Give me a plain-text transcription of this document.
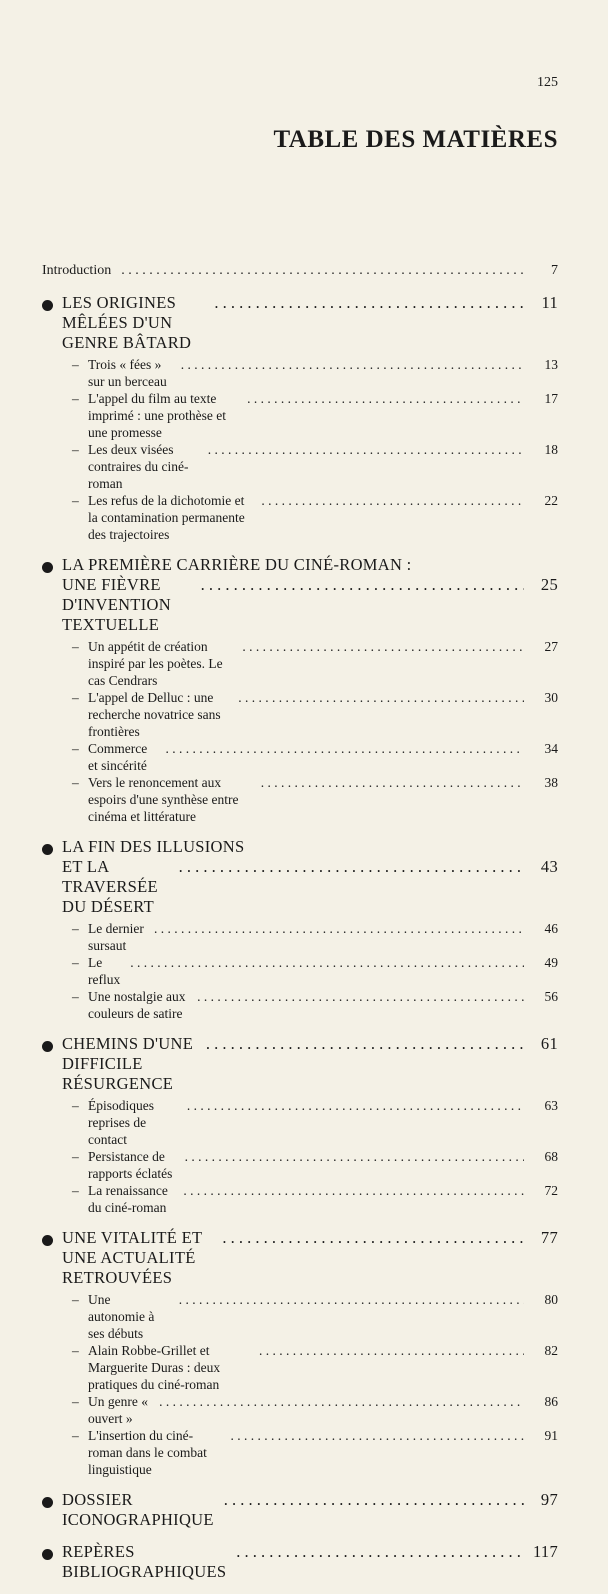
125
TABLE DES MATIÈRES
Introduction
. . .	7
LES ORIGINES MÊLÉES D'UN GENRE BÂTARD
. . .
11
– Trois « fées » sur un berceau
. . .
13
– L'appel du film au texte imprimé : une prothèse et une promesse
. . .
17
– Les deux visées contraires du ciné-roman
. . .
18
– Les refus de la dichotomie et la contamination permanente des trajectoires
. . .
22
LA PREMIÈRE CARRIÈRE DU CINÉ-ROMAN :
UNE FIÈVRE D'INVENTION TEXTUELLE
. . .
25
– Un appétit de création inspiré par les poètes. Le cas Cendrars
. . .
27
– L'appel de Delluc : une recherche novatrice sans frontières
. . .
30
– Commerce et sincérité
. . .
34
– Vers le renoncement aux espoirs d'une synthèse entre cinéma et littérature
. . .
38
LA FIN DES ILLUSIONS
ET LA TRAVERSÉE DU DÉSERT
. . .
43
– Le dernier sursaut
. . .
46
– Le reflux
. . .
49
– Une nostalgie aux couleurs de satire
. . .
56
CHEMINS D'UNE DIFFICILE RÉSURGENCE
. . .
61
– Épisodiques reprises de contact
. . .
63
– Persistance de rapports éclatés
. . .
68
– La renaissance du ciné-roman
. . .
72
UNE VITALITÉ ET UNE ACTUALITÉ RETROUVÉES
. . .
77
– Une autonomie à ses débuts
. . .
80
– Alain Robbe-Grillet et Marguerite Duras : deux pratiques du ciné-roman
. . .
82
– Un genre « ouvert »
. . .
86
– L'insertion du ciné-roman dans le combat linguistique
. . .
91
DOSSIER ICONOGRAPHIQUE
. . .
97
REPÈRES BIBLIOGRAPHIQUES
. . .
117
